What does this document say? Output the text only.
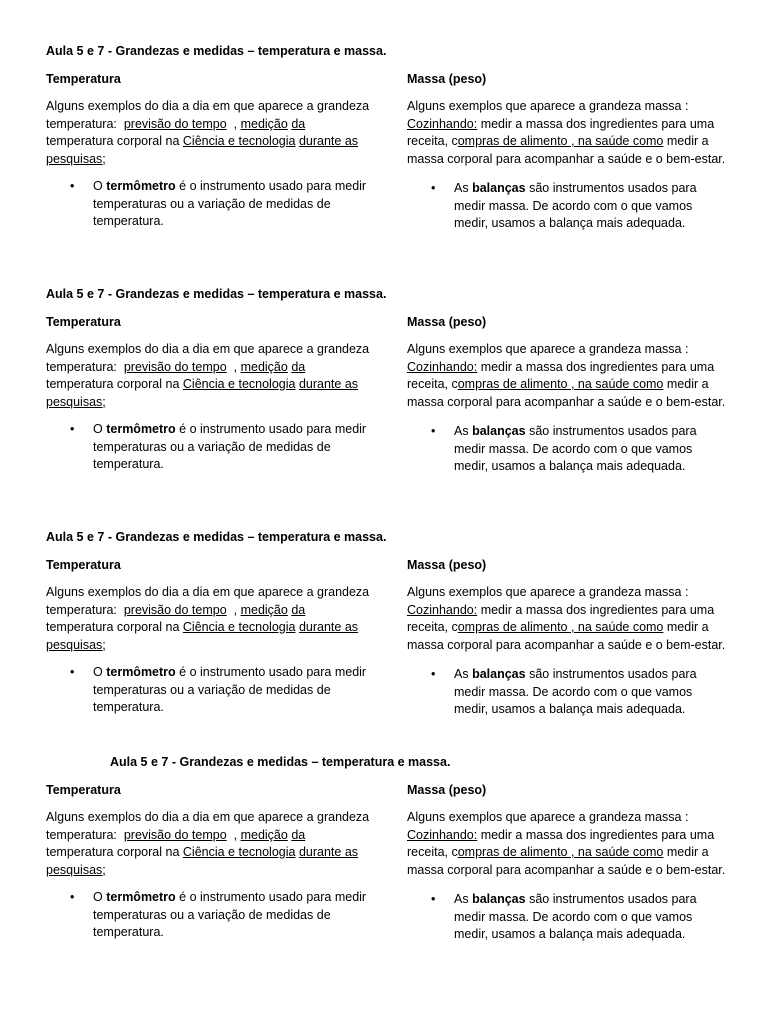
Aula 5 e 7 - Grandezas e medidas – temperatura e massa.
Temperatura

Alguns exemplos do dia a dia em que aparece a grandeza temperatura: previsão do tempo , medição da  temperatura corporal na Ciência e tecnologia durante as pesquisas;

• O termômetro é o instrumento usado para medir temperaturas ou a variação de medidas de temperatura.
Massa (peso)

Alguns exemplos que aparece a grandeza massa : Cozinhando: medir a massa dos ingredientes para uma receita, compras de alimento , na saúde como medir a massa corporal para acompanhar a saúde e o bem-estar.

• As balanças são instrumentos usados para medir massa. De acordo com o que vamos medir, usamos a balança mais adequada.
Aula 5 e 7 - Grandezas e medidas – temperatura e massa.
Temperatura

Alguns exemplos do dia a dia em que aparece a grandeza temperatura: previsão do tempo , medição da  temperatura corporal na Ciência e tecnologia durante as pesquisas;

• O termômetro é o instrumento usado para medir temperaturas ou a variação de medidas de temperatura.
Massa (peso)

Alguns exemplos que aparece a grandeza massa : Cozinhando: medir a massa dos ingredientes para uma receita, compras de alimento , na saúde como medir a massa corporal para acompanhar a saúde e o bem-estar.

• As balanças são instrumentos usados para medir massa. De acordo com o que vamos medir, usamos a balança mais adequada.
Aula 5 e 7 - Grandezas e medidas – temperatura e massa.
Temperatura

Alguns exemplos do dia a dia em que aparece a grandeza temperatura: previsão do tempo , medição da  temperatura corporal na Ciência e tecnologia durante as pesquisas;

• O termômetro é o instrumento usado para medir temperaturas ou a variação de medidas de temperatura.
Massa (peso)

Alguns exemplos que aparece a grandeza massa : Cozinhando: medir a massa dos ingredientes para uma receita, compras de alimento , na saúde como medir a massa corporal para acompanhar a saúde e o bem-estar.

• As balanças são instrumentos usados para medir massa. De acordo com o que vamos medir, usamos a balança mais adequada.
Aula 5 e 7 - Grandezas e medidas – temperatura e massa.
Temperatura

Alguns exemplos do dia a dia em que aparece a grandeza temperatura: previsão do tempo , medição da  temperatura corporal na Ciência e tecnologia durante as pesquisas;

• O termômetro é o instrumento usado para medir temperaturas ou a variação de medidas de temperatura.
Massa (peso)

Alguns exemplos que aparece a grandeza massa : Cozinhando: medir a massa dos ingredientes para uma receita, compras de alimento , na saúde como medir a massa corporal para acompanhar a saúde e o bem-estar.

• As balanças são instrumentos usados para medir massa. De acordo com o que vamos medir, usamos a balança mais adequada.
